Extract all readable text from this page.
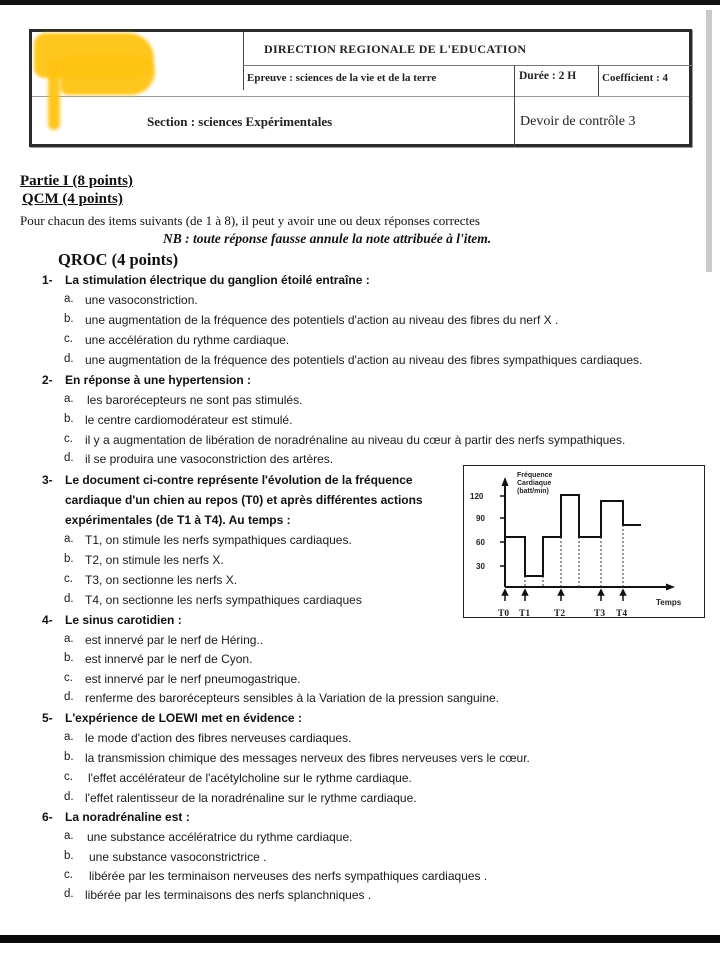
DIRECTION REGIONALE DE L'EDUCATION
Epreuve : sciences de la vie et de la terre	Durée : 2 H Coefficient : 4
Section : sciences Expérimentales	Devoir de contrôle 3
Partie I (8 points)
QCM (4 points)
Pour chacun des items suivants (de 1 à 8), il peut y avoir une ou deux réponses correctes
NB : toute réponse fausse annule la note attribuée à l'item.
QROC (4 points)
1- La stimulation électrique du ganglion étoilé entraîne :
a. une vasoconstriction.
b. une augmentation de la fréquence des potentiels d'action au niveau des fibres du nerf X .
c. une accélération du rythme cardiaque.
d. une augmentation de la fréquence des potentiels d'action au niveau des fibres sympathiques cardiaques.
2- En réponse à une hypertension :
a. les barorécepteurs ne sont pas stimulés.
b. le centre cardiomodérateur est stimulé.
c. il y a augmentation de libération de noradrénaline au niveau du cœur à partir des nerfs sympathiques.
d. il se produira une vasoconstriction des artères.
3- Le document ci-contre représente l'évolution de la fréquence
cardiaque d'un chien au repos (T0) et après différentes actions
expérimentales (de T1 à T4). Au temps :
a. T1, on stimule les nerfs sympathiques cardiaques.
b. T2, on stimule les nerfs X.
c. T3, on sectionne les nerfs X.
d. T4, on sectionne les nerfs sympathiques cardiaques
120
90
60
30
Fréquence
Cardiaque
(batt/min)
Temps
T0 T1	T2	T3 T4
4- Le sinus carotidien :
a. est innervé par le nerf de Héring..
b. est innervé par le nerf de Cyon.
c. est innervé par le nerf pneumogastrique.
d. renferme des barorécepteurs sensibles à la Variation de la pression sanguine.
5- L'expérience de LOEWI met en évidence :
a. le mode d'action des fibres nerveuses cardiaques.
b. la transmission chimique des messages nerveux des fibres nerveuses vers le cœur.
c. l'effet accélérateur de l'acétylcholine sur le rythme cardiaque.
d. l'effet ralentisseur de la noradrénaline sur le rythme cardiaque.
6- La noradrénaline est :
a. une substance accélératrice du rythme cardiaque.
b. une substance vasoconstrictrice .
c. libérée par les terminaison nerveuses des nerfs sympathiques cardiaques .
d. libérée par les terminaisons des nerfs splanchniques .
